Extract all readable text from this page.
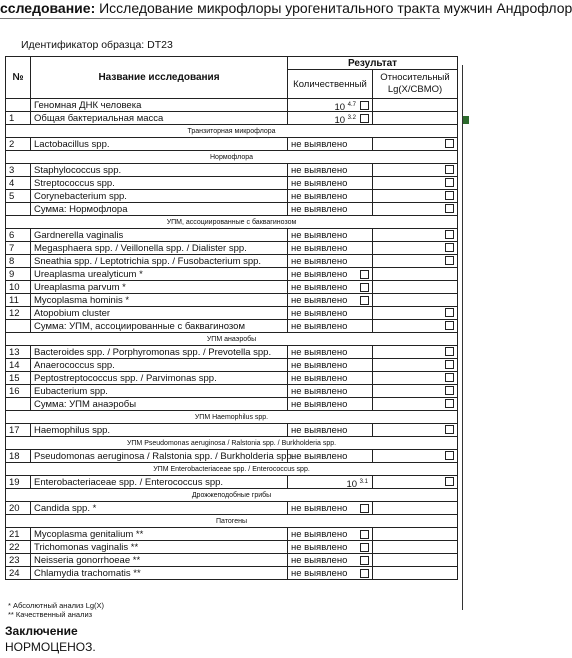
сследование: Исследование микрофлоры урогенитального тракта мужчин Андрофлор
Идентификатор образца: DT23
№	Название исследования	Результат	
		Количественный	Относительный Lg(X/СВМО)
	Геномная ДНК человека	10 $^{4.7}$

1	Общая бактериальная масса	10 $^{3.2}$

Транзиторная микрофлора			
2	Lactobacillus spp.	не выявлено	
Нормофлора			
3	Staphylococcus spp.	не выявлено	
4	Streptococcus spp.	не выявлено	
5	Corynebacterium spp.	не выявлено	
	Сумма: Нормофлора	не выявлено	
УПМ, ассоциированные с баквагинозом			
6	Gardnerella vaginalis	не выявлено	
7	Megasphaera spp. / Veillonella spp. / Dialister spp.	не выявлено	
8	Sneathia spp. / Leptotrichia spp. / Fusobacterium spp.	не выявлено	
9	Ureaplasma urealyticum *	не выявлено

10	Ureaplasma parvum *	не выявлено

11	Mycoplasma hominis *	не выявлено

12	Atopobium cluster	не выявлено	
	Сумма: УПМ, ассоциированные с баквагинозом	не выявлено	
УПМ анаэробы			
13	Bacteroides spp. / Porphyromonas spp. / Prevotella spp.	не выявлено	
14	Anaerococcus spp.	не выявлено	
15	Peptostreptococcus spp. / Parvimonas spp.	не выявлено	
16	Eubacterium spp.	не выявлено	
	Сумма: УПМ анаэробы	не выявлено	
УПМ Haemophilus spp.			
17	Haemophilus spp.	не выявлено	
УПМ Pseudomonas aeruginosa / Ralstonia spp. / Burkholderia spp.			
18	Pseudomonas aeruginosa / Ralstonia spp. / Burkholderia spp.	не выявлено	
УПМ Enterobacteriaceae spp. / Enterococcus spp.			
19	Enterobacteriaceae spp. / Enterococcus spp.	10 $^{3.1}$

Дрожжеподобные грибы			
20	Candida spp. *	не выявлено

Патогены			
21	Mycoplasma genitalium **	не выявлено

22	Trichomonas vaginalis **	не выявлено

23	Neisseria gonorrhoeae **	не выявлено

24	Chlamydia trachomatis **	не выявлено

* Абсолютный анализ Lg(X)
** Качественный анализ
Заключение
НОРМОЦЕНОЗ.
